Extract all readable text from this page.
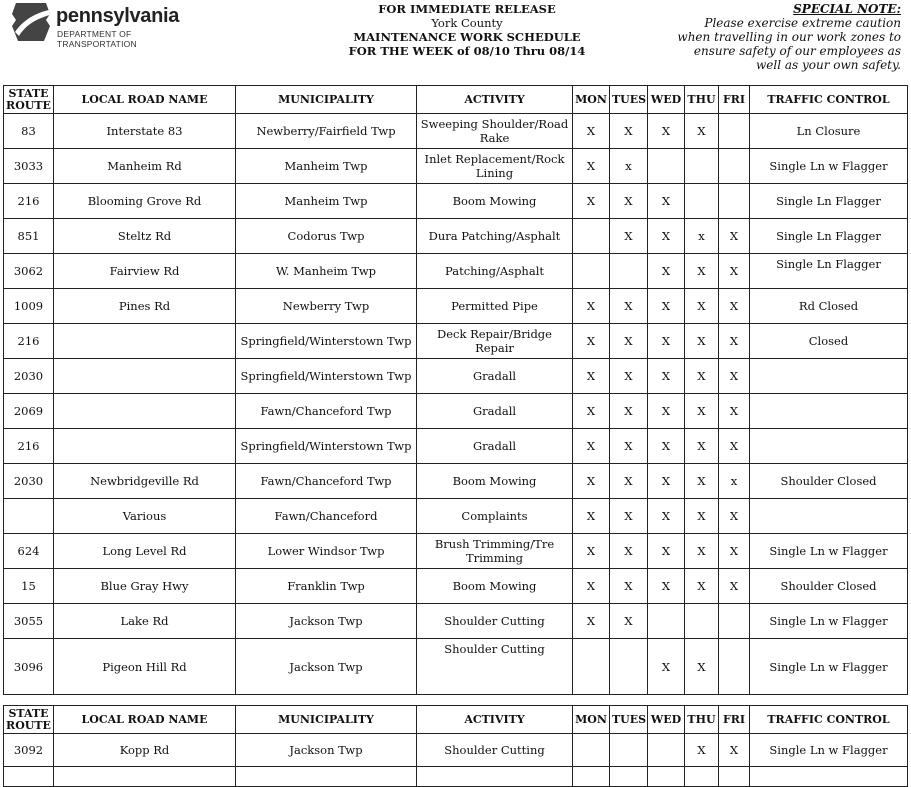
pennsylvania
DEPARTMENT OF TRANSPORTATION
FOR IMMEDIATE RELEASE
York County
MAINTENANCE WORK SCHEDULE
FOR THE WEEK of 08/10 Thru 08/14
SPECIAL NOTE:
Please exercise extreme caution
when travelling in our work zones to
ensure safety of our employees as
well as your own safety.
STATE ROUTE	LOCAL ROAD NAME	MUNICIPALITY	ACTIVITY	MON	TUES	WED	THU	FRI	TRAFFIC CONTROL
83	Interstate 83	Newberry/Fairfield Twp	Sweeping Shoulder/Road Rake	X	X	X	X		Ln Closure
3033	Manheim Rd	Manheim Twp	Inlet Replacement/Rock Lining	X	x				Single Ln w Flagger
216	Blooming Grove Rd	Manheim Twp	Boom Mowing	X	X	X			Single Ln Flagger
851	Steltz Rd	Codorus Twp	Dura Patching/Asphalt		X	X	x	X	Single Ln Flagger
3062	Fairview Rd	W. Manheim Twp	Patching/Asphalt			X	X	X	Single Ln Flagger
1009	Pines Rd	Newberry Twp	Permitted Pipe	X	X	X	X	X	Rd Closed
216		Springfield/Winterstown Twp	Deck Repair/Bridge Repair	X	X	X	X	X	Closed
2030		Springfield/Winterstown Twp	Gradall	X	X	X	X	X	
2069		Fawn/Chanceford Twp	Gradall	X	X	X	X	X	
216		Springfield/Winterstown Twp	Gradall	X	X	X	X	X	
2030	Newbridgeville Rd	Fawn/Chanceford Twp	Boom Mowing	X	X	X	X	x	Shoulder Closed
	Various	Fawn/Chanceford	Complaints	X	X	X	X	X	
624	Long Level Rd	Lower Windsor Twp	Brush Trimming/Tre Trimming	X	X	X	X	X	Single Ln w Flagger
15	Blue Gray Hwy	Franklin Twp	Boom Mowing	X	X	X	X	X	Shoulder Closed
3055	Lake Rd	Jackson Twp	Shoulder Cutting	X	X				Single Ln w Flagger
3096	Pigeon Hill Rd	Jackson Twp	Shoulder Cutting			X	X		Single Ln w Flagger
STATE ROUTE	LOCAL ROAD NAME	MUNICIPALITY	ACTIVITY	MON	TUES	WED	THU	FRI	TRAFFIC CONTROL
3092	Kopp Rd	Jackson Twp	Shoulder Cutting				X	X	Single Ln w Flagger
